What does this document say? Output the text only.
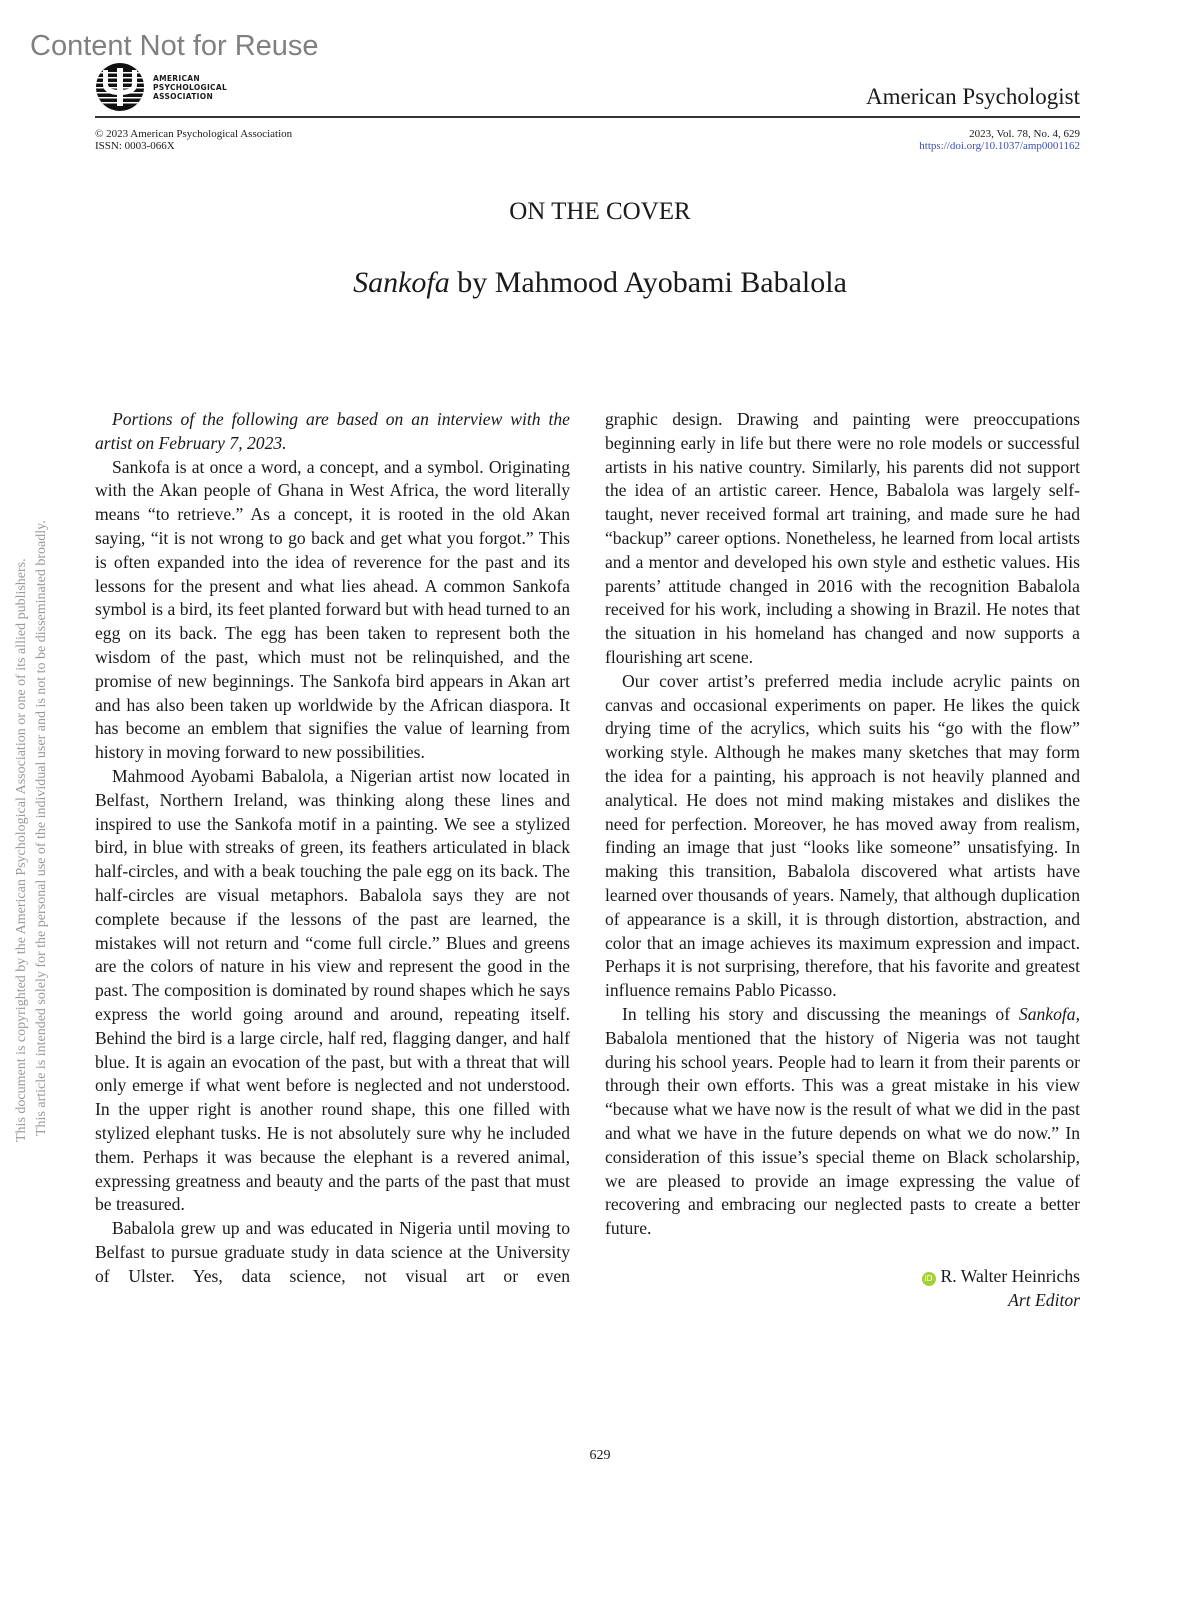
Content Not for Reuse
AMERICAN
PSYCHOLOGICAL
ASSOCIATION	American Psychologist
© 2023 American Psychological Association
ISSN: 0003-066X
2023, Vol. 78, No. 4, 629
https://doi.org/10.1037/amp0001162
ON THE COVER
Sankofa by Mahmood Ayobami Babalola
This document is copyrighted by the American Psychological Association or one of its allied publishers. This article is intended solely for the personal use of the individual user and is not to be disseminated broadly.

Portions of the following are based on an interview with the artist on February 7, 2023.

Sankofa is at once a word, a concept, and a symbol. Originating with the Akan people of Ghana in West Africa, the word literally means “to retrieve.” As a concept, it is rooted in the old Akan saying, “it is not wrong to go back and get what you forgot.” This is often expanded into the idea of reverence for the past and its lessons for the present and what lies ahead. A common Sankofa symbol is a bird, its feet planted forward but with head turned to an egg on its back. The egg has been taken to represent both the wisdom of the past, which must not be relinquished, and the promise of new beginnings. The Sankofa bird appears in Akan art and has also been taken up worldwide by the African diaspora. It has become an emblem that signifies the value of learning from history in moving forward to new possibilities.

Mahmood Ayobami Babalola, a Nigerian artist now located in Belfast, Northern Ireland, was thinking along these lines and inspired to use the Sankofa motif in a painting. We see a stylized bird, in blue with streaks of green, its feathers articulated in black half-circles, and with a beak touching the pale egg on its back. The half-circles are visual metaphors. Babalola says they are not complete because if the lessons of the past are learned, the mistakes will not return and “come full circle.” Blues and greens are the colors of nature in his view and represent the good in the past. The composition is dominated by round shapes which he says express the world going around and around, repeating itself. Behind the bird is a large circle, half red, flagging danger, and half blue. It is again an evocation of the past, but with a threat that will only emerge if what went before is neglected and not understood. In the upper right is another round shape, this one filled with stylized elephant tusks. He is not absolutely sure why he included them. Perhaps it was because the elephant is a revered animal, expressing greatness and beauty and the parts of the past that must be treasured.

Babalola grew up and was educated in Nigeria until moving to Belfast to pursue graduate study in data science at the University of Ulster. Yes, data science, not visual art or even

graphic design. Drawing and painting were preoccupations beginning early in life but there were no role models or successful artists in his native country. Similarly, his parents did not support the idea of an artistic career. Hence, Babalola was largely self-taught, never received formal art training, and made sure he had “backup” career options. Nonetheless, he learned from local artists and a mentor and developed his own style and esthetic values. His parents’ attitude changed in 2016 with the recognition Babalola received for his work, including a showing in Brazil. He notes that the situation in his homeland has changed and now supports a flourishing art scene.

Our cover artist’s preferred media include acrylic paints on canvas and occasional experiments on paper. He likes the quick drying time of the acrylics, which suits his “go with the flow” working style. Although he makes many sketches that may form the idea for a painting, his approach is not heavily planned and analytical. He does not mind making mistakes and dislikes the need for perfection. Moreover, he has moved away from realism, finding an image that just “looks like someone” unsatisfying. In making this transition, Babalola discovered what artists have learned over thousands of years. Namely, that although duplication of appearance is a skill, it is through distortion, abstraction, and color that an image achieves its maximum expression and impact. Perhaps it is not surprising, therefore, that his favorite and greatest influence remains Pablo Picasso.

In telling his story and discussing the meanings of Sankofa, Babalola mentioned that the history of Nigeria was not taught during his school years. People had to learn it from their parents or through their own efforts. This was a great mistake in his view “because what we have now is the result of what we did in the past and what we have in the future depends on what we do now.” In consideration of this issue’s special theme on Black scholarship, we are pleased to provide an image expressing the value of recovering and embracing our neglected pasts to create a better future.

iD R. Walter Heinrichs
Art Editor
629
